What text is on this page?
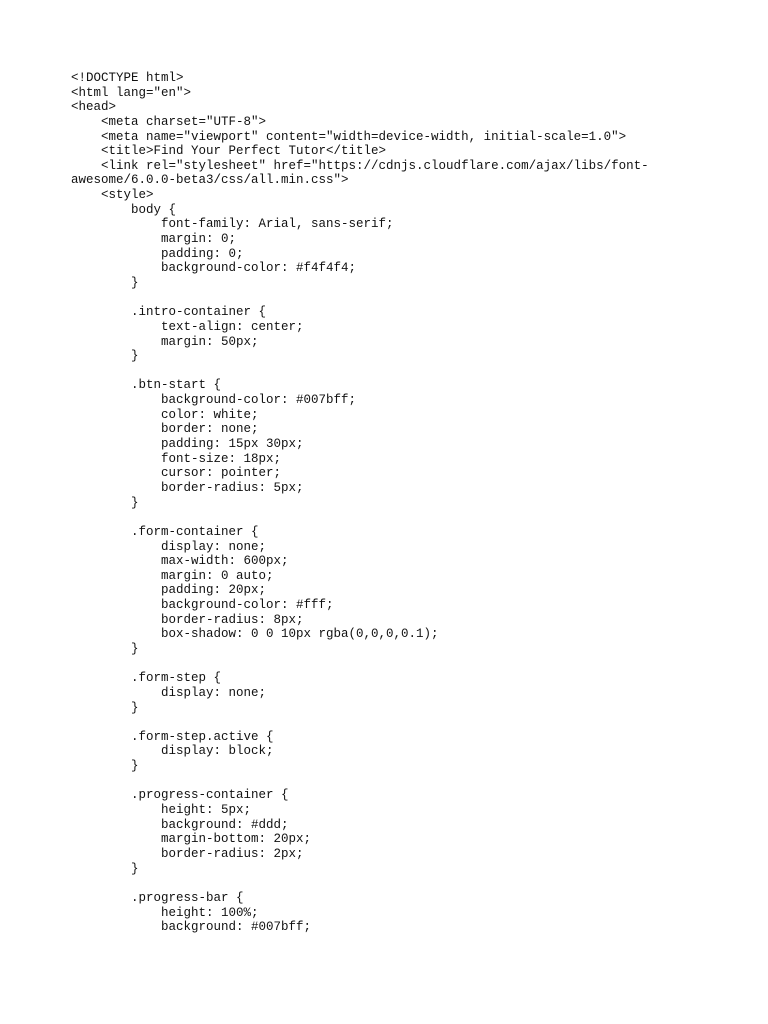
<!DOCTYPE html>
<html lang="en">
<head>
<meta charset="UTF-8">
<meta name="viewport" content="width=device-width, initial-scale=1.0">
<title>Find Your Perfect Tutor</title>
<link rel="stylesheet" href="https://cdnjs.cloudflare.com/ajax/libs/font-
awesome/6.0.0-beta3/css/all.min.css">
<style>
body {
font-family: Arial, sans-serif;
margin: 0;
padding: 0;
background-color: #f4f4f4;
}
.intro-container {
text-align: center;
margin: 50px;
}
.btn-start {
background-color: #007bff;
color: white;
border: none;
padding: 15px 30px;
font-size: 18px;
cursor: pointer;
border-radius: 5px;
}
.form-container {
display: none;
max-width: 600px;
margin: 0 auto;
padding: 20px;
background-color: #fff;
border-radius: 8px;
box-shadow: 0 0 10px rgba(0,0,0,0.1);
}
.form-step {
display: none;
}
.form-step.active {
display: block;
}
.progress-container {
height: 5px;
background: #ddd;
margin-bottom: 20px;
border-radius: 2px;
}
.progress-bar {
height: 100%;
background: #007bff;
